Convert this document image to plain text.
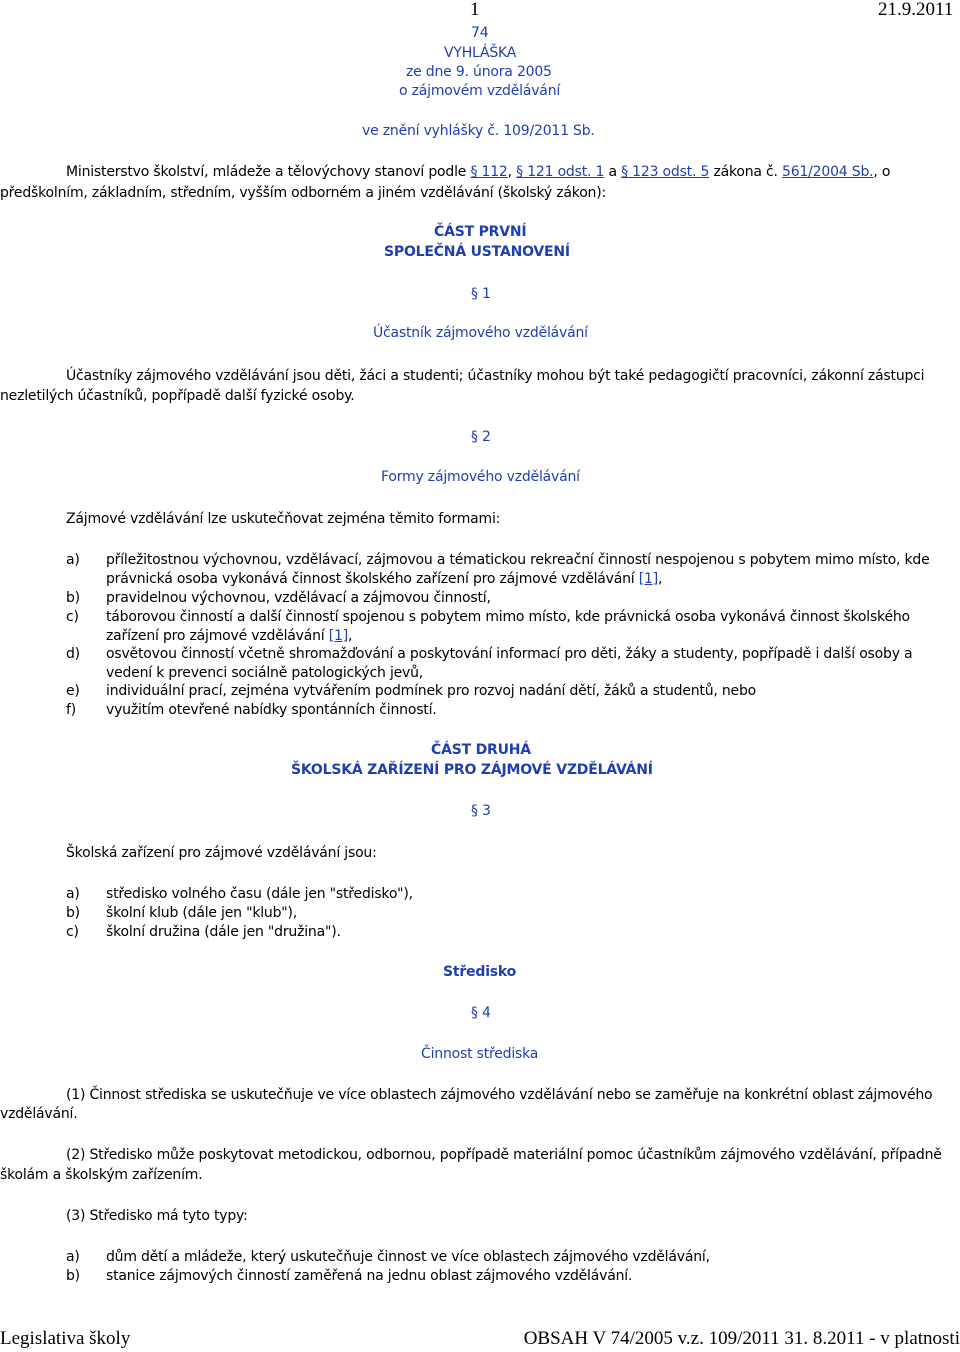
1	21.9.2011
74
VYHLÁŠKA
ze dne 9. února 2005
o zájmovém vzdělávání
ve znění vyhlášky č. 109/2011 Sb.
Ministerstvo školství, mládeže a tělovýchovy stanoví podle § 112, § 121 odst. 1 a § 123 odst. 5 zákona č. 561/2004 Sb., o
předškolním, základním, středním, vyšším odborném a jiném vzdělávání (školský zákon):
ČÁST PRVNÍ
SPOLEČNÁ USTANOVENÍ
§ 1
Účastník zájmového vzdělávání
Účastníky zájmového vzdělávání jsou děti, žáci a studenti; účastníky mohou být také pedagogičtí pracovníci, zákonní zástupci
nezletilých účastníků, popřípadě další fyzické osoby.
§ 2
Formy zájmového vzdělávání
Zájmové vzdělávání lze uskutečňovat zejména těmito formami:
a) příležitostnou výchovnou, vzdělávací, zájmovou a tématickou rekreační činností nespojenou s pobytem mimo místo, kde
právnická osoba vykonává činnost školského zařízení pro zájmové vzdělávání [1],
b) pravidelnou výchovnou, vzdělávací a zájmovou činností,
c) táborovou činností a další činností spojenou s pobytem mimo místo, kde právnická osoba vykonává činnost školského
zařízení pro zájmové vzdělávání [1],
d) osvětovou činností včetně shromažďování a poskytování informací pro děti, žáky a studenty, popřípadě i další osoby a
vedení k prevenci sociálně patologických jevů,
e) individuální prací, zejména vytvářením podmínek pro rozvoj nadání dětí, žáků a studentů, nebo
f) využitím otevřené nabídky spontánních činností.
ČÁST DRUHÁ
ŠKOLSKÁ ZAŘÍZENÍ PRO ZÁJMOVÉ VZDĚLÁVÁNÍ
§ 3
Školská zařízení pro zájmové vzdělávání jsou:
a) středisko volného času (dále jen "středisko"),
b) školní klub (dále jen "klub"),
c) školní družina (dále jen "družina").
Středisko
§ 4
Činnost střediska
(1) Činnost střediska se uskutečňuje ve více oblastech zájmového vzdělávání nebo se zaměřuje na konkrétní oblast zájmového
vzdělávání.
(2) Středisko může poskytovat metodickou, odbornou, popřípadě materiální pomoc účastníkům zájmového vzdělávání, případně
školám a školským zařízením.
(3) Středisko má tyto typy:
a) dům dětí a mládeže, který uskutečňuje činnost ve více oblastech zájmového vzdělávání,
b) stanice zájmových činností zaměřená na jednu oblast zájmového vzdělávání.
Legislativa školy	OBSAH V 74/2005 v.z. 109/2011 31. 8.2011 - v platnosti
